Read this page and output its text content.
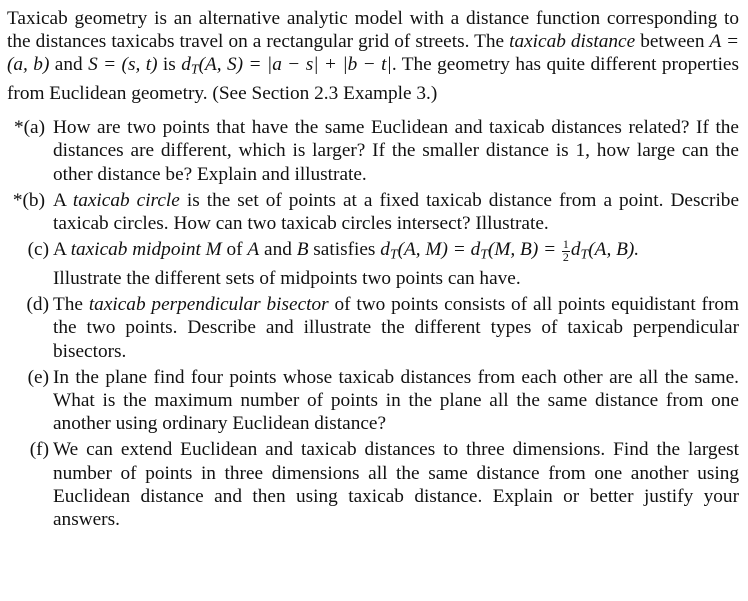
Taxicab geometry is an alternative analytic model with a distance function corresponding to the distances taxicabs travel on a rectangular grid of streets. The taxicab distance between A = (a, b) and S = (s, t) is $d_T(A$, S) = |a − s| + |b − t|. The geometry has quite different properties from Euclidean geometry. (See Section 2.3 Example 3.)

*(a) How are two points that have the same Euclidean and taxicab distances related? If the distances are different, which is larger? If the smaller distance is 1, how large can the other distance be? Explain and illustrate.
*(b) A taxicab circle is the set of points at a fixed taxicab distance from a point. Describe taxicab circles. How can two taxicab circles intersect? Illustrate.
(c) A taxicab midpoint M of A and B satisfies $d_T(A$, $M) = d_T(M$, $B) = \frac{1}{2} d_T(A$, B).
Illustrate the different sets of midpoints two points can have.
(d) The taxicab perpendicular bisector of two points consists of all points equidistant from the two points. Describe and illustrate the different types of taxicab perpendicular bisectors.
(e) In the plane find four points whose taxicab distances from each other are all the same. What is the maximum number of points in the plane all the same distance from one another using ordinary Euclidean distance?
(f) We can extend Euclidean and taxicab distances to three dimensions. Find the largest number of points in three dimensions all the same distance from one another using Euclidean distance and then using taxicab distance. Explain or better justify your answers.
